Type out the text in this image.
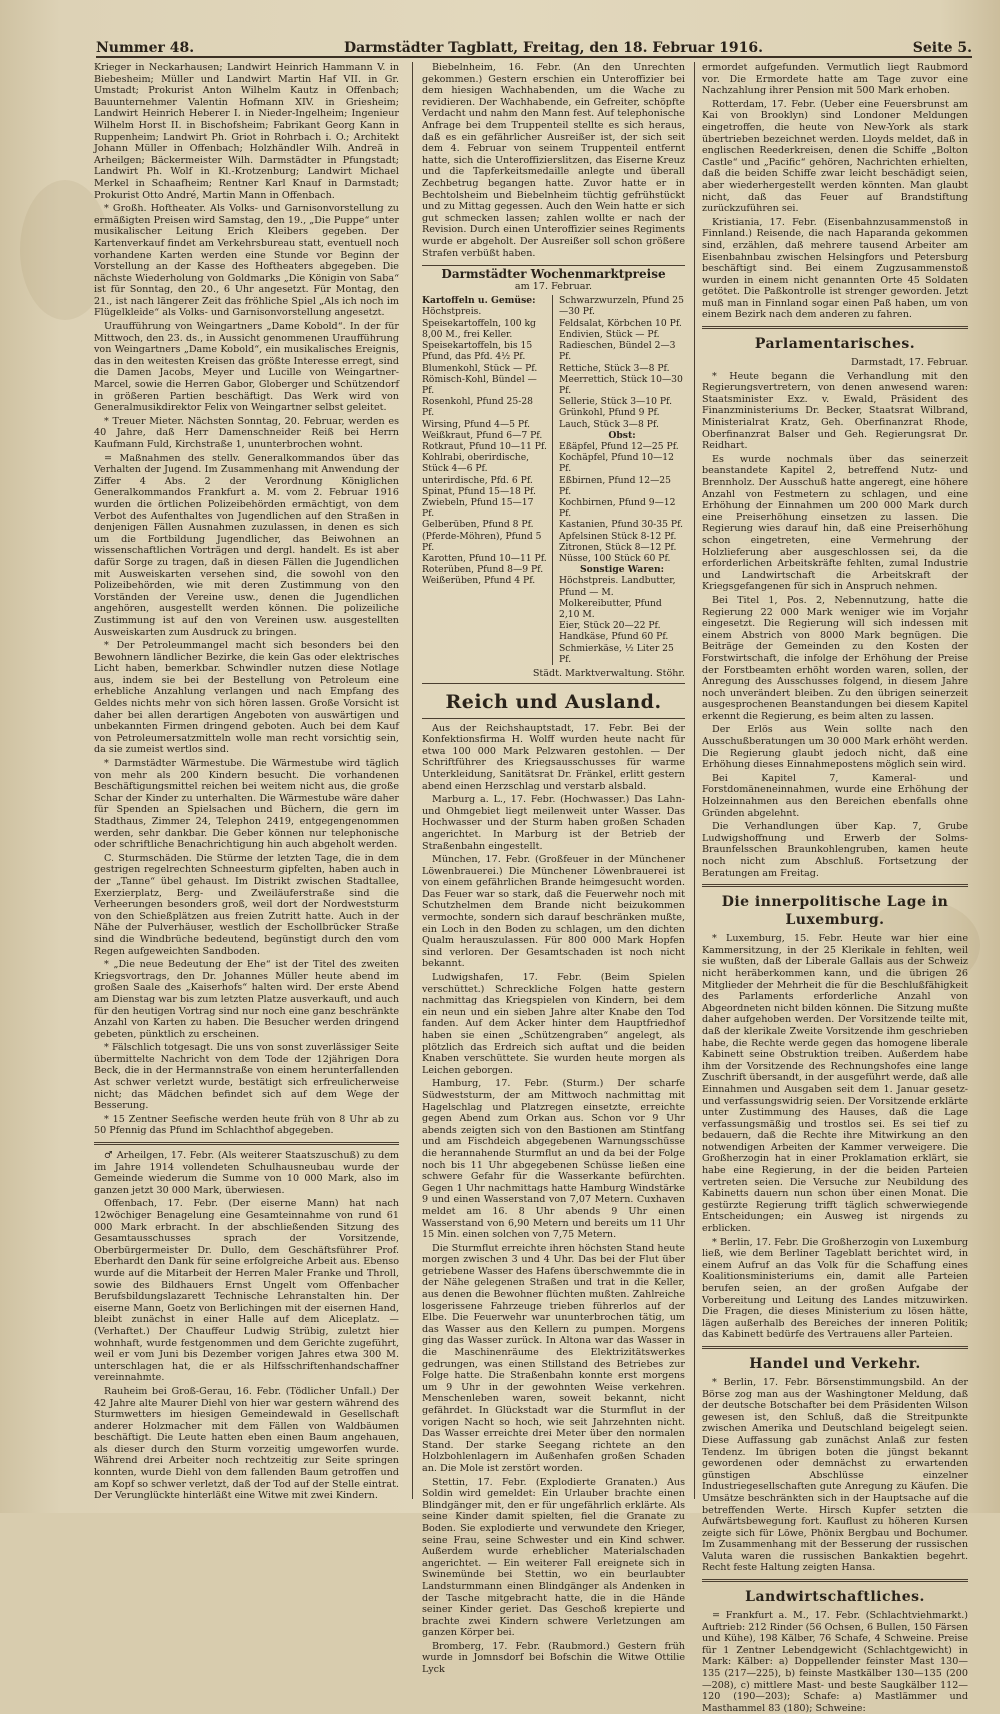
Nummer 48.	Darmstädter Tagblatt, Freitag, den 18. Februar 1916.	Seite 5.

Krieger in Neckarhausen; Landwirt Heinrich Hammann V. in Biebesheim; Müller und Landwirt Martin Haf VII. in Gr. Umstadt; Prokurist Anton Wilhelm Kautz in Offenbach; Bauunternehmer Valentin Hofmann XIV. in Griesheim; Landwirt Heinrich Heberer I. in Nieder-Ingelheim; Ingenieur Wilhelm Horst II. in Bischofsheim; Fabrikant Georg Kann in Ruppenheim; Landwirt Ph. Griot in Rohrbach i. O.; Architekt Johann Müller in Offenbach; Holzhändler Wilh. Andreä in Arheilgen; Bäckermeister Wilh. Darmstädter in Pfungstadt; Landwirt Ph. Wolf in Kl.-Krotzenburg; Landwirt Michael Merkel in Schaafheim; Rentner Karl Knauf in Darmstadt; Prokurist Otto André, Martin Mann in Offenbach.

* Großh. Hoftheater. Als Volks- und Garnisonvorstellung zu ermäßigten Preisen wird Samstag, den 19., „Die Puppe“ unter musikalischer Leitung Erich Kleibers gegeben. Der Kartenverkauf findet am Verkehrsbureau statt, eventuell noch vorhandene Karten werden eine Stunde vor Beginn der Vorstellung an der Kasse des Hoftheaters abgegeben. Die nächste Wiederholung von Goldmarks „Die Königin von Saba“ ist für Sonntag, den 20., 6 Uhr angesetzt. Für Montag, den 21., ist nach längerer Zeit das fröhliche Spiel „Als ich noch im Flügelkleide“ als Volks- und Garnisonvorstellung angesetzt.

Uraufführung von Weingartners „Dame Kobold“. In der für Mittwoch, den 23. ds., in Aussicht genommenen Uraufführung von Weingartners „Dame Kobold“, ein musikalisches Ereignis, das in den weitesten Kreisen das größte Interesse erregt, sind die Damen Jacobs, Meyer und Lucille von Weingartner-Marcel, sowie die Herren Gabor, Globerger und Schützendorf in größeren Partien beschäftigt. Das Werk wird von Generalmusikdirektor Felix von Weingartner selbst geleitet.

* Treuer Mieter. Nächsten Sonntag, 20. Februar, werden es 40 Jahre, daß Herr Damenschneider Reiß bei Herrn Kaufmann Fuld, Kirchstraße 1, ununterbrochen wohnt.

= Maßnahmen des stellv. Generalkommandos über das Verhalten der Jugend. Im Zusammenhang mit Anwendung der Ziffer 4 Abs. 2 der Verordnung Königlichen Generalkommandos Frankfurt a. M. vom 2. Februar 1916 wurden die örtlichen Polizeibehörden ermächtigt, von dem Verbot des Aufenthaltes von Jugendlichen auf den Straßen in denjenigen Fällen Ausnahmen zuzulassen, in denen es sich um die Fortbildung Jugendlicher, das Beiwohnen an wissenschaftlichen Vorträgen und dergl. handelt. Es ist aber dafür Sorge zu tragen, daß in diesen Fällen die Jugendlichen mit Ausweiskarten versehen sind, die sowohl von den Polizeibehörden, wie mit deren Zustimmung von den Vorständen der Vereine usw., denen die Jugendlichen angehören, ausgestellt werden können. Die polizeiliche Zustimmung ist auf den von Vereinen usw. ausgestellten Ausweiskarten zum Ausdruck zu bringen.

* Der Petroleummangel macht sich besonders bei den Bewohnern ländlicher Bezirke, die kein Gas oder elektrisches Licht haben, bemerkbar. Schwindler nutzen diese Notlage aus, indem sie bei der Bestellung von Petroleum eine erhebliche Anzahlung verlangen und nach Empfang des Geldes nichts mehr von sich hören lassen. Große Vorsicht ist daher bei allen derartigen Angeboten von auswärtigen und unbekannten Firmen dringend geboten. Auch bei dem Kauf von Petroleumersatzmitteln wolle man recht vorsichtig sein, da sie zumeist wertlos sind.

* Darmstädter Wärmestube. Die Wärmestube wird täglich von mehr als 200 Kindern besucht. Die vorhandenen Beschäftigungsmittel reichen bei weitem nicht aus, die große Schar der Kinder zu unterhalten. Die Wärmestube wäre daher für Spenden an Spielsachen und Büchern, die gern im Stadthaus, Zimmer 24, Telephon 2419, entgegengenommen werden, sehr dankbar. Die Geber können nur telephonische oder schriftliche Benachrichtigung hin auch abgeholt werden.

C. Sturmschäden. Die Stürme der letzten Tage, die in dem gestrigen regelrechten Schneesturm gipfelten, haben auch in der „Tanne“ übel gehaust. Im Distrikt zwischen Stadtallee, Exerzierplatz, Berg- und Zweiläuferstraße sind die Verheerungen besonders groß, weil dort der Nordweststurm von den Schießplätzen aus freien Zutritt hatte. Auch in der Nähe der Pulverhäuser, westlich der Eschollbrücker Straße sind die Windbrüche bedeutend, begünstigt durch den vom Regen aufgeweichten Sandboden.

* „Die neue Bedeutung der Ehe“ ist der Titel des zweiten Kriegsvortrags, den Dr. Johannes Müller heute abend im großen Saale des „Kaiserhofs“ halten wird. Der erste Abend am Dienstag war bis zum letzten Platze ausverkauft, und auch für den heutigen Vortrag sind nur noch eine ganz beschränkte Anzahl von Karten zu haben. Die Besucher werden dringend gebeten, pünktlich zu erscheinen.

* Fälschlich totgesagt. Die uns von sonst zuverlässiger Seite übermittelte Nachricht von dem Tode der 12jährigen Dora Beck, die in der Hermannstraße von einem herunterfallenden Ast schwer verletzt wurde, bestätigt sich erfreulicherweise nicht; das Mädchen befindet sich auf dem Wege der Besserung.

* 15 Zentner Seefische werden heute früh von 8 Uhr ab zu 50 Pfennig das Pfund im Schlachthof abgegeben.

♂ Arheilgen, 17. Febr. (Als weiterer Staatszuschuß) zu dem im Jahre 1914 vollendeten Schulhausneubau wurde der Gemeinde wiederum die Summe von 10 000 Mark, also im ganzen jetzt 30 000 Mark, überwiesen.

Offenbach, 17. Febr. (Der eiserne Mann) hat nach 12wöchiger Benagelung eine Gesamteinnahme von rund 61 000 Mark erbracht. In der abschließenden Sitzung des Gesamtausschusses sprach der Vorsitzende, Oberbürgermeister Dr. Dullo, dem Geschäftsführer Prof. Eberhardt den Dank für seine erfolgreiche Arbeit aus. Ebenso wurde auf die Mitarbeit der Herren Maler Franke und Throll, sowie des Bildhauers Ernst Ungelt vom Offenbacher Berufsbildungslazarett Technische Lehranstalten hin. Der eiserne Mann, Goetz von Berlichingen mit der eisernen Hand, bleibt zunächst in einer Halle auf dem Aliceplatz. — (Verhaftet.) Der Chauffeur Ludwig Strübig, zuletzt hier wohnhaft, wurde festgenommen und dem Gerichte zugeführt, weil er vom Juni bis Dezember vorigen Jahres etwa 300 M. unterschlagen hat, die er als Hilfsschriftenhandschaffner vereinnahmte.

Rauheim bei Groß-Gerau, 16. Febr. (Tödlicher Unfall.) Der 42 Jahre alte Maurer Diehl von hier war gestern während des Sturmwetters im hiesigen Gemeindewald in Gesellschaft anderer Holzmacher mit dem Fällen von Waldbäumen beschäftigt. Die Leute hatten eben einen Baum angehauen, als dieser durch den Sturm vorzeitig umgeworfen wurde. Während drei Arbeiter noch rechtzeitig zur Seite springen konnten, wurde Diehl von dem fallenden Baum getroffen und am Kopf so schwer verletzt, daß der Tod auf der Stelle eintrat. Der Verunglückte hinterläßt eine Witwe mit zwei Kindern.

Biebelnheim, 16. Febr. (An den Unrechten gekommen.) Gestern erschien ein Unteroffizier bei dem hiesigen Wachhabenden, um die Wache zu revidieren. Der Wachhabende, ein Gefreiter, schöpfte Verdacht und nahm den Mann fest. Auf telephonische Anfrage bei dem Truppenteil stellte es sich heraus, daß es ein gefährlicher Ausreißer ist, der sich seit dem 4. Februar von seinem Truppenteil entfernt hatte, sich die Unteroffizierslitzen, das Eiserne Kreuz und die Tapferkeitsmedaille anlegte und überall Zechbetrug begangen hatte. Zuvor hatte er in Bechtolsheim und Biebelnheim tüchtig gefrühstückt und zu Mittag gegessen. Auch den Wein hatte er sich gut schmecken lassen; zahlen wollte er nach der Revision. Durch einen Unteroffizier seines Regiments wurde er abgeholt. Der Ausreißer soll schon größere Strafen verbüßt haben.

Darmstädter Wochenmarktpreise
am 17. Februar.
Kartoffeln u. Gemüse:
Höchstpreis. Speisekartoffeln, 100 kg 8,00 M., frei Keller.
Speisekartoffeln, bis 15 Pfund, das Pfd. 4½ Pf.
Blumenkohl, Stück — Pf.
Römisch-Kohl, Bündel — Pf.
Rosenkohl, Pfund 25-28 Pf.
Wirsing, Pfund 4—5 Pf.
Weißkraut, Pfund 6—7 Pf.
Rotkraut, Pfund 10—11 Pf.
Kohlrabi, oberirdische, Stück 4—6 Pf.
unterirdische, Pfd. 6 Pf.
Spinat, Pfund 15—18 Pf.
Zwiebeln, Pfund 15—17 Pf.
Gelberüben, Pfund 8 Pf.
(Pferde-Möhren), Pfund 5 Pf.
Karotten, Pfund 10—11 Pf.
Roterüben, Pfund 8—9 Pf.
Weißerüben, Pfund 4 Pf.
Schwarzwurzeln, Pfund 25—30 Pf.
Feldsalat, Körbchen 10 Pf.
Endivien, Stück — Pf.
Radieschen, Bündel 2—3 Pf.
Rettiche, Stück 3—8 Pf.
Meerrettich, Stück 10—30 Pf.
Sellerie, Stück 3—10 Pf.
Grünkohl, Pfund 9 Pf.
Lauch, Stück 3—8 Pf.
Obst:
Eßäpfel, Pfund 12—25 Pf.
Kochäpfel, Pfund 10—12 Pf.
Eßbirnen, Pfund 12—25 Pf.
Kochbirnen, Pfund 9—12 Pf.
Kastanien, Pfund 30-35 Pf.
Apfelsinen Stück 8-12 Pf.
Zitronen, Stück 8—12 Pf.
Nüsse, 100 Stück 60 Pf.
Sonstige Waren:
Höchstpreis. Landbutter, Pfund — M.
Molkereibutter, Pfund 2,10 M.
Eier, Stück 20—22 Pf.
Handkäse, Pfund 60 Pf.
Schmierkäse, ½ Liter 25 Pf.
Städt. Marktverwaltung. Stöhr.
Reich und Ausland.

Aus der Reichshauptstadt, 17. Febr. Bei der Konfektionsfirma H. Wolff wurden heute nacht für etwa 100 000 Mark Pelzwaren gestohlen. — Der Schriftführer des Kriegsausschusses für warme Unterkleidung, Sanitätsrat Dr. Fränkel, erlitt gestern abend einen Herzschlag und verstarb alsbald.

Marburg a. L., 17. Febr. (Hochwasser.) Das Lahn- und Ohmgebiet liegt meilenweit unter Wasser. Das Hochwasser und der Sturm haben großen Schaden angerichtet. In Marburg ist der Betrieb der Straßenbahn eingestellt.

München, 17. Febr. (Großfeuer in der Münchener Löwenbrauerei.) Die Münchener Löwenbrauerei ist von einem gefährlichen Brande heimgesucht worden. Das Feuer war so stark, daß die Feuerwehr noch mit Schutzhelmen dem Brande nicht beizukommen vermochte, sondern sich darauf beschränken mußte, ein Loch in den Boden zu schlagen, um den dichten Qualm herauszulassen. Für 800 000 Mark Hopfen sind verloren. Der Gesamtschaden ist noch nicht bekannt.

Ludwigshafen, 17. Febr. (Beim Spielen verschüttet.) Schreckliche Folgen hatte gestern nachmittag das Kriegspielen von Kindern, bei dem ein neun und ein sieben Jahre alter Knabe den Tod fanden. Auf dem Acker hinter dem Hauptfriedhof haben sie einen „Schützengraben“ angelegt, als plötzlich das Erdreich sich auftat und die beiden Knaben verschüttete. Sie wurden heute morgen als Leichen geborgen.

Hamburg, 17. Febr. (Sturm.) Der scharfe Südweststurm, der am Mittwoch nachmittag mit Hagelschlag und Platzregen einsetzte, erreichte gegen Abend zum Orkan aus. Schon vor 9 Uhr abends zeigten sich von den Bastionen am Stintfang und am Fischdeich abgegebenen Warnungsschüsse die herannahende Sturmflut an und da bei der Folge noch bis 11 Uhr abgegebenen Schüsse ließen eine schwere Gefahr für die Wasserkante befürchten. Gegen 1 Uhr nachmittags hatte Hamburg Windstärke 9 und einen Wasserstand von 7,07 Metern. Cuxhaven meldet am 16. 8 Uhr abends 9 Uhr einen Wasserstand von 6,90 Metern und bereits um 11 Uhr 15 Min. einen solchen von 7,75 Metern.

Die Sturmflut erreichte ihren höchsten Stand heute morgen zwischen 3 und 4 Uhr. Das bei der Flut über getriebene Wasser des Hafens überschwemmte die in der Nähe gelegenen Straßen und trat in die Keller, aus denen die Bewohner flüchten mußten. Zahlreiche losgerissene Fahrzeuge trieben führerlos auf der Elbe. Die Feuerwehr war ununterbrochen tätig, um das Wasser aus den Kellern zu pumpen. Morgens ging das Wasser zurück. In Altona war das Wasser in die Maschinenräume des Elektrizitätswerkes gedrungen, was einen Stillstand des Betriebes zur Folge hatte. Die Straßenbahn konnte erst morgens um 9 Uhr in der gewohnten Weise verkehren. Menschenleben waren, soweit bekannt, nicht gefährdet. In Glückstadt war die Sturmflut in der vorigen Nacht so hoch, wie seit Jahrzehnten nicht. Das Wasser erreichte drei Meter über den normalen Stand. Der starke Seegang richtete an den Holzbohlenlagern im Außenhafen großen Schaden an. Die Mole ist zerstört worden.

Stettin, 17. Febr. (Explodierte Granaten.) Aus Soldin wird gemeldet: Ein Urlauber brachte einen Blindgänger mit, den er für ungefährlich erklärte. Als seine Kinder damit spielten, fiel die Granate zu Boden. Sie explodierte und verwundete den Krieger, seine Frau, seine Schwester und ein Kind schwer. Außerdem wurde erheblicher Materialschaden angerichtet. — Ein weiterer Fall ereignete sich in Swinemünde bei Stettin, wo ein beurlaubter Landsturmmann einen Blindgänger als Andenken in der Tasche mitgebracht hatte, die in die Hände seiner Kinder geriet. Das Geschoß krepierte und brachte zwei Kindern schwere Verletzungen am ganzen Körper bei.

Bromberg, 17. Febr. (Raubmord.) Gestern früh wurde in Jomnsdorf bei Bofschin die Witwe Ottilie Lyck

ermordet aufgefunden. Vermutlich liegt Raubmord vor. Die Ermordete hatte am Tage zuvor eine Nachzahlung ihrer Pension mit 500 Mark erhoben.

Rotterdam, 17. Febr. (Ueber eine Feuersbrunst am Kai von Brooklyn) sind Londoner Meldungen eingetroffen, die heute von New-York als stark übertrieben bezeichnet werden. Lloyds meldet, daß in englischen Reederkreisen, denen die Schiffe „Bolton Castle“ und „Pacific“ gehören, Nachrichten erhielten, daß die beiden Schiffe zwar leicht beschädigt seien, aber wiederhergestellt werden könnten. Man glaubt nicht, daß das Feuer auf Brandstiftung zurückzuführen sei.

Kristiania, 17. Febr. (Eisenbahnzusammenstoß in Finnland.) Reisende, die nach Haparanda gekommen sind, erzählen, daß mehrere tausend Arbeiter am Eisenbahnbau zwischen Helsingfors und Petersburg beschäftigt sind. Bei einem Zugzusammenstoß wurden in einem nicht genannten Orte 45 Soldaten getötet. Die Paßkontrolle ist strenger geworden. Jetzt muß man in Finnland sogar einen Paß haben, um von einem Bezirk nach dem anderen zu fahren.

Parlamentarisches.
Darmstadt, 17. Februar.

* Heute begann die Verhandlung mit den Regierungsvertretern, von denen anwesend waren: Staatsminister Exz. v. Ewald, Präsident des Finanzministeriums Dr. Becker, Staatsrat Wilbrand, Ministerialrat Kratz, Geh. Oberfinanzrat Rhode, Oberfinanzrat Balser und Geh. Regierungsrat Dr. Reidhart.

Es wurde nochmals über das seinerzeit beanstandete Kapitel 2, betreffend Nutz- und Brennholz. Der Ausschuß hatte angeregt, eine höhere Anzahl von Festmetern zu schlagen, und eine Erhöhung der Einnahmen um 200 000 Mark durch eine Preiserhöhung einsetzen zu lassen. Die Regierung wies darauf hin, daß eine Preiserhöhung schon eingetreten, eine Vermehrung der Holzlieferung aber ausgeschlossen sei, da die erforderlichen Arbeitskräfte fehlten, zumal Industrie und Landwirtschaft die Arbeitskraft der Kriegsgefangenen für sich in Anspruch nehmen.

Bei Titel 1, Pos. 2, Nebennutzung, hatte die Regierung 22 000 Mark weniger wie im Vorjahr eingesetzt. Die Regierung will sich indessen mit einem Abstrich von 8000 Mark begnügen. Die Beiträge der Gemeinden zu den Kosten der Forstwirtschaft, die infolge der Erhöhung der Preise der Forstbeamten erhöht worden waren, sollen, der Anregung des Ausschusses folgend, in diesem Jahre noch unverändert bleiben. Zu den übrigen seinerzeit ausgesprochenen Beanstandungen bei diesem Kapitel erkennt die Regierung, es beim alten zu lassen.

Der Erlös aus Wein sollte nach den Ausschußberatungen um 30 000 Mark erhöht werden. Die Regierung glaubt jedoch nicht, daß eine Erhöhung dieses Einnahmepostens möglich sein wird.

Bei Kapitel 7, Kameral- und Forstdomäneneinnahmen, wurde eine Erhöhung der Holzeinnahmen aus den Bereichen ebenfalls ohne Gründen abgelehnt.

Die Verhandlungen über Kap. 7, Grube Ludwigshoffnung und Erwerb der Solms-Braunfelsschen Braunkohlengruben, kamen heute noch nicht zum Abschluß. Fortsetzung der Beratungen am Freitag.

Die innerpolitische Lage in Luxemburg.

* Luxemburg, 15. Febr. Heute war hier eine Kammersitzung, in der 25 Klerikale in fehlten, weil sie wußten, daß der Liberale Gallais aus der Schweiz nicht heräberkommen kann, und die übrigen 26 Mitglieder der Mehrheit die für die Beschlußfähigkeit des Parlaments erforderliche Anzahl von Abgeordneten nicht bilden können. Die Sitzung mußte daher aufgehoben werden. Der Vorsitzende teilte mit, daß der klerikale Zweite Vorsitzende ihm geschrieben habe, die Rechte werde gegen das homogene liberale Kabinett seine Obstruktion treiben. Außerdem habe ihm der Vorsitzende des Rechnungshofes eine lange Zuschrift übersandt, in der ausgeführt werde, daß alle Einnahmen und Ausgaben seit dem 1. Januar gesetz- und verfassungswidrig seien. Der Vorsitzende erklärte unter Zustimmung des Hauses, daß die Lage verfassungsmäßig und trostlos sei. Es sei tief zu bedauern, daß die Rechte ihre Mitwirkung an den notwendigen Arbeiten der Kammer verweigere. Die Großherzogin hat in einer Proklamation erklärt, sie habe eine Regierung, in der die beiden Parteien vertreten seien. Die Versuche zur Neubildung des Kabinetts dauern nun schon über einen Monat. Die gestürzte Regierung trifft täglich schwerwiegende Entscheidungen; ein Ausweg ist nirgends zu erblicken.

* Berlin, 17. Febr. Die Großherzogin von Luxemburg ließ, wie dem Berliner Tageblatt berichtet wird, in einem Aufruf an das Volk für die Schaffung eines Koalitionsministeriums ein, damit alle Parteien berufen seien, an der großen Aufgabe der Vorbereitung und Leitung des Landes mitzuwirken. Die Fragen, die dieses Ministerium zu lösen hätte, lägen außerhalb des Bereiches der inneren Politik; das Kabinett bedürfe des Vertrauens aller Parteien.

Handel und Verkehr.

* Berlin, 17. Febr. Börsenstimmungsbild. An der Börse zog man aus der Washingtoner Meldung, daß der deutsche Botschafter bei dem Präsidenten Wilson gewesen ist, den Schluß, daß die Streitpunkte zwischen Amerika und Deutschland beigelegt seien. Diese Auffassung gab zunächst Anlaß zur festen Tendenz. Im übrigen boten die jüngst bekannt gewordenen oder demnächst zu erwartenden günstigen Abschlüsse einzelner Industriegesellschaften gute Anregung zu Käufen. Die Umsätze beschränkten sich in der Hauptsache auf die betreffenden Werte. Hirsch Kupfer setzten die Aufwärtsbewegung fort. Kauflust zu höheren Kursen zeigte sich für Löwe, Phönix Bergbau und Bochumer. Im Zusammenhang mit der Besserung der russischen Valuta waren die russischen Bankaktien begehrt. Recht feste Haltung zeigten Hansa.

Landwirtschaftliches.

= Frankfurt a. M., 17. Febr. (Schlachtviehmarkt.) Auftrieb: 212 Rinder (56 Ochsen, 6 Bullen, 150 Färsen und Kühe), 198 Kälber, 76 Schafe, 4 Schweine. Preise für 1 Zentner Lebendgewicht (Schlachtgewicht) in Mark: Kälber: a) Doppellender feinster Mast 130—135 (217—225), b) feinste Mastkälber 130—135 (200—208), c) mittlere Mast- und beste Saugkälber 112—120 (190—203); Schafe: a) Mastlämmer und Masthammel 83 (180); Schweine:
